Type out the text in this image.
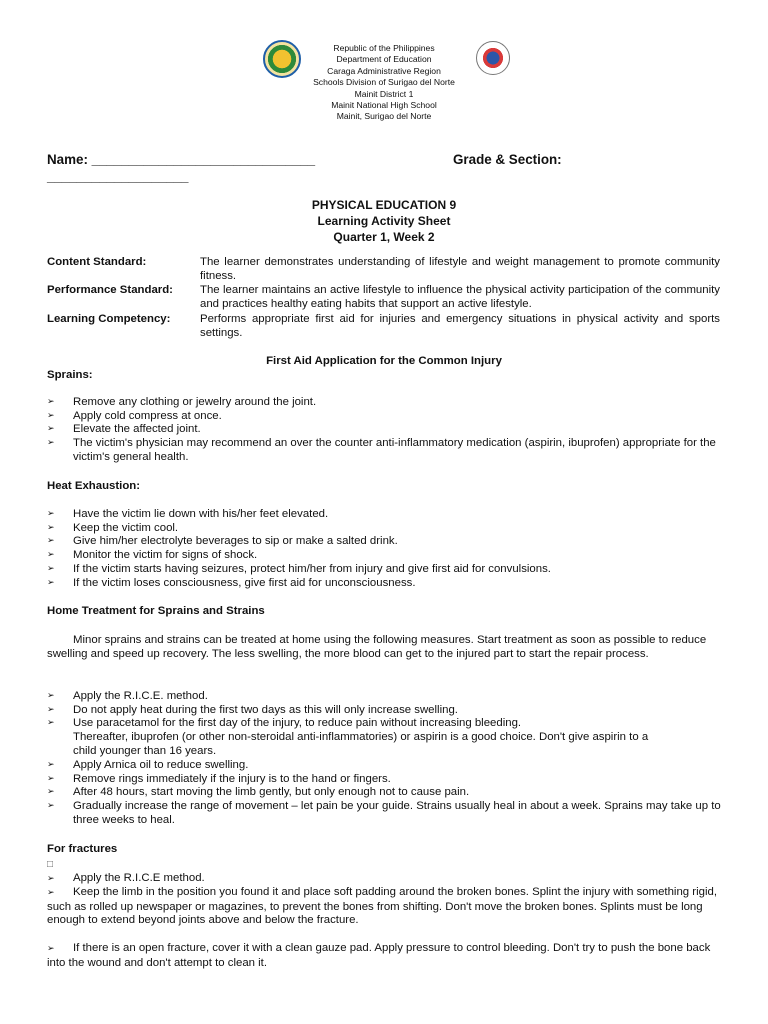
Republic of the Philippines
Department of Education
Caraga Administrative Region
Schools Division of Surigao del Norte
Mainit District 1
Mainit National High School
Mainit, Surigao del Norte
Name: ______________________________	Grade & Section:
___________________
PHYSICAL EDUCATION 9
Learning Activity Sheet
Quarter 1, Week 2
Content Standard:	The learner demonstrates understanding of lifestyle and weight management to promote community fitness.
Performance Standard: The learner maintains an active lifestyle to influence the physical activity participation of the community and practices healthy eating habits that support an active lifestyle.
Learning Competency:	Performs appropriate first aid for injuries and emergency situations in physical activity and sports settings.
First Aid Application for the Common Injury
Sprains:
➢ Remove any clothing or jewelry around the joint.
➢ Apply cold compress at once.
➢ Elevate the affected joint.
➢ The victim's physician may recommend an over the counter anti-inflammatory medication (aspirin, ibuprofen) appropriate for the victim's general health.
Heat Exhaustion:
➢ Have the victim lie down with his/her feet elevated.
➢ Keep the victim cool.
➢ Give him/her electrolyte beverages to sip or make a salted drink.
➢ Monitor the victim for signs of shock.
➢ If the victim starts having seizures, protect him/her from injury and give first aid for convulsions.
➢ If the victim loses consciousness, give first aid for unconsciousness.
Home Treatment for Sprains and Strains
Minor sprains and strains can be treated at home using the following measures. Start treatment as soon as possible to reduce swelling and speed up recovery. The less swelling, the more blood can get to the injured part to start the repair process.
➢ Apply the R.I.C.E. method.
➢ Do not apply heat during the first two days as this will only increase swelling.
➢ Use paracetamol for the first day of the injury, to reduce pain without increasing bleeding.
Thereafter, ibuprofen (or other non-steroidal anti-inflammatories) or aspirin is a good choice. Don't give aspirin to a child younger than 16 years.
➢ Apply Arnica oil to reduce swelling.
➢ Remove rings immediately if the injury is to the hand or fingers.
➢ After 48 hours, start moving the limb gently, but only enough not to cause pain.
➢ Gradually increase the range of movement – let pain be your guide. Strains usually heal in about a week. Sprains may take up to three weeks to heal.
For fractures
□
➢ Apply the R.I.C.E method.
➢ Keep the limb in the position you found it and place soft padding around the broken bones. Splint the injury with something rigid, such as rolled up newspaper or magazines, to prevent the bones from shifting. Don't move the broken bones. Splints must be long enough to extend beyond joints above and below the fracture.
➢ If there is an open fracture, cover it with a clean gauze pad. Apply pressure to control bleeding. Don't try to push the bone back into the wound and don't attempt to clean it.
